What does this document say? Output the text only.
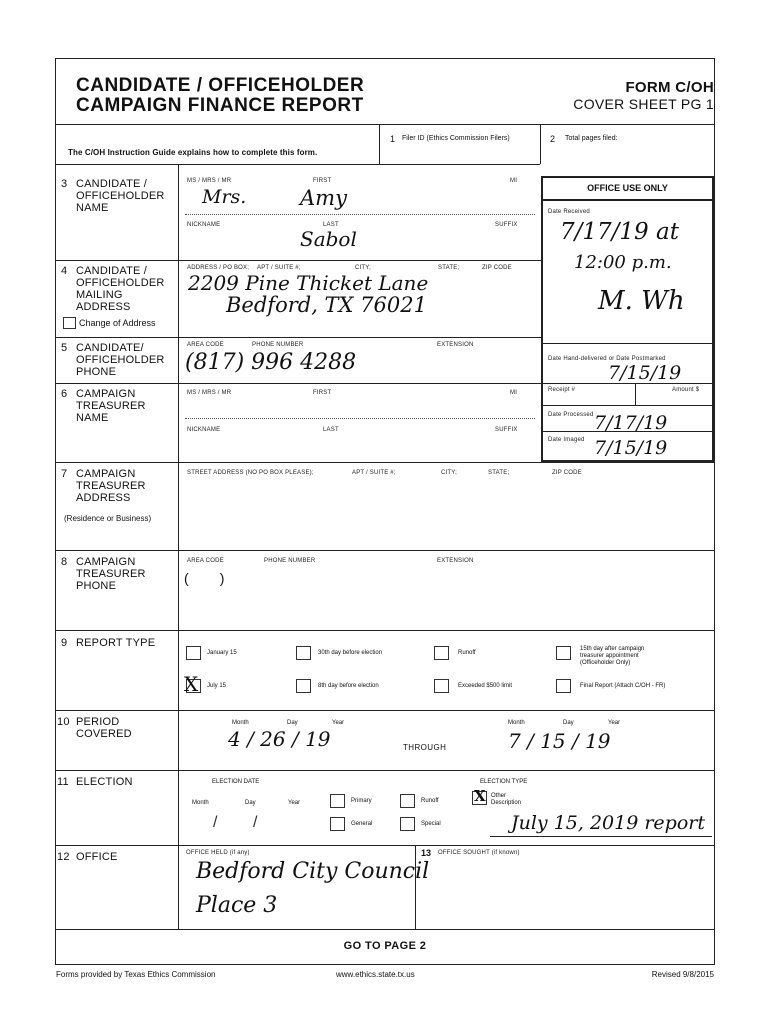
CANDIDATE / OFFICEHOLDER
CAMPAIGN FINANCE REPORT
FORM C/OH
COVER SHEET PG 1
The C/OH Instruction Guide explains how to complete this form.
1 Filer ID (Ethics Commission Filers)	2 Total pages filed:
OFFICE USE ONLY
Date Received
7/17/19 at
12:00 p.m.
M. Wh
Date Hand-delivered or Date Postmarked
7/15/19
Receipt #	Amount $
Date Processed 7/17/19
Date Imaged 7/15/19
3 CANDIDATE /
OFFICEHOLDER
NAME
MS / MRS / MR	FIRST	MI
Mrs.	Amy
NICKNAME	LAST	SUFFIX
Sabol
4 CANDIDATE /
OFFICEHOLDER
MAILING
ADDRESS
Change of Address
ADDRESS / PO BOX; APT / SUITE #;	CITY;	STATE;	ZIP CODE
2209 Pine Thicket Lane
Bedford, TX 76021
5 CANDIDATE/
OFFICEHOLDER
PHONE
AREA CODE	PHONE NUMBER	EXTENSION
(817) 996 4288
6 CAMPAIGN
TREASURER
NAME
MS / MRS / MR	FIRST	MI
NICKNAME	LAST	SUFFIX
7 CAMPAIGN
TREASURER
ADDRESS
(Residence or Business)
STREET ADDRESS (NO PO BOX PLEASE);	APT / SUITE #;	CITY;	STATE;	ZIP CODE
8 CAMPAIGN
TREASURER
PHONE
AREA CODE	PHONE NUMBER	EXTENSION
(        )
9 REPORT TYPE
January 15	30th day before election	Runoff
15th day after campaign
treasurer appointment
(Officeholder Only)
X July 15	8th day before election	Exceeded $500 limit	Final Report (Attach C/OH - FR)
10 PERIOD
COVERED
Month	Day	Year
4 / 26 / 19	THROUGH
Month	Day	Year
7 / 15 / 19
11 ELECTION	ELECTION DATE	ELECTION TYPE
Month	Day	Year
/        /
Primary	Runoff X Other
Description
General	Special	July 15, 2019 report
12 OFFICE	OFFICE HELD (if any)
Bedford City Council
Place 3
13 OFFICE SOUGHT (if known)
GO TO PAGE 2
Forms provided by Texas Ethics Commission	www.ethics.state.tx.us	Revised 9/8/2015
